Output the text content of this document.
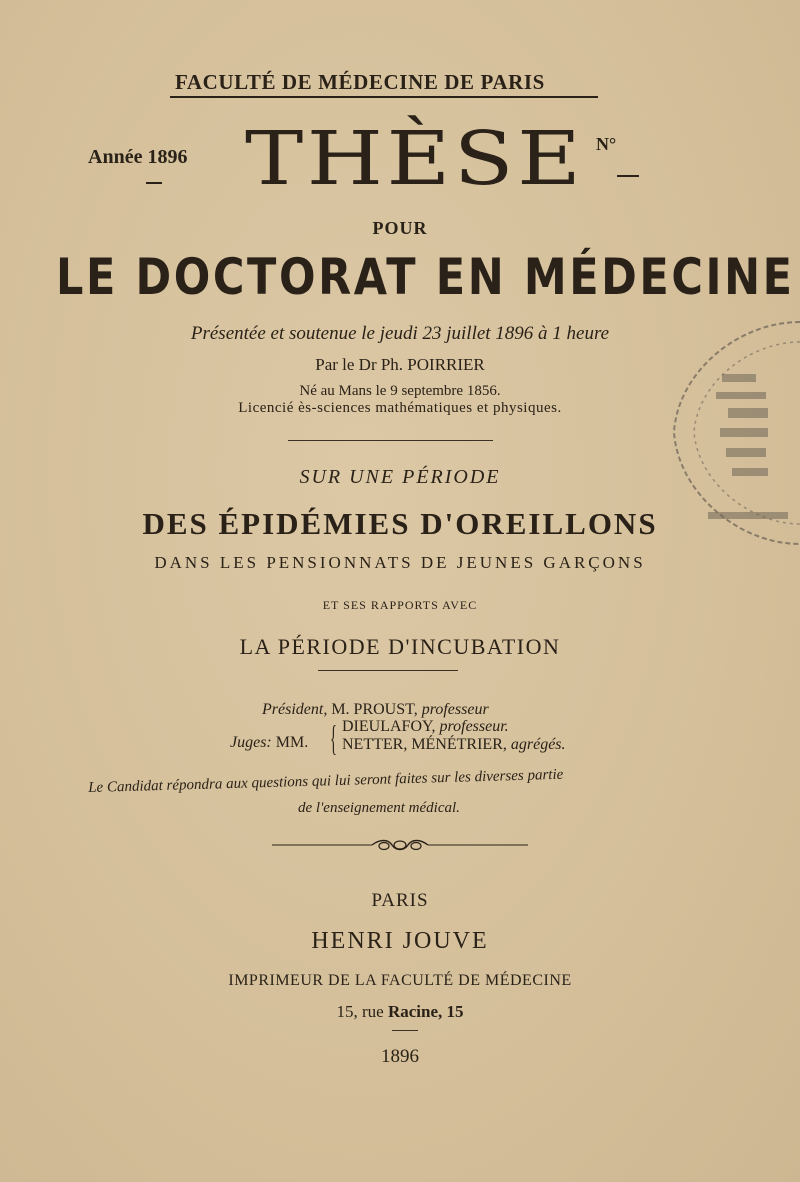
FACULTÉ DE MÉDECINE DE PARIS
Année 1896 THÈSE N°
POUR
LE DOCTORAT EN MÉDECINE
Présentée et soutenue le jeudi 23 juillet 1896 à 1 heure
Par le Dr Ph. POIRRIER
Né au Mans le 9 septembre 1856.
Licencié ès-sciences mathématiques et physiques.
SUR UNE PÉRIODE
DES ÉPIDÉMIES D'OREILLONS
DANS LES PENSIONNATS DE JEUNES GARÇONS
ET SES RAPPORTS AVEC
LA PÉRIODE D'INCUBATION
Président, M. PROUST, professeur
Juges: MM. { DIEULAFOY, professeur.
NETTER, MÉNÉTRIER, agrégés.
Le Candidat répondra aux questions qui lui seront faites sur les diverses partie
de l'enseignement médical.
PARIS
HENRI JOUVE
IMPRIMEUR DE LA FACULTÉ DE MÉDECINE
15, rue Racine, 15
1896
